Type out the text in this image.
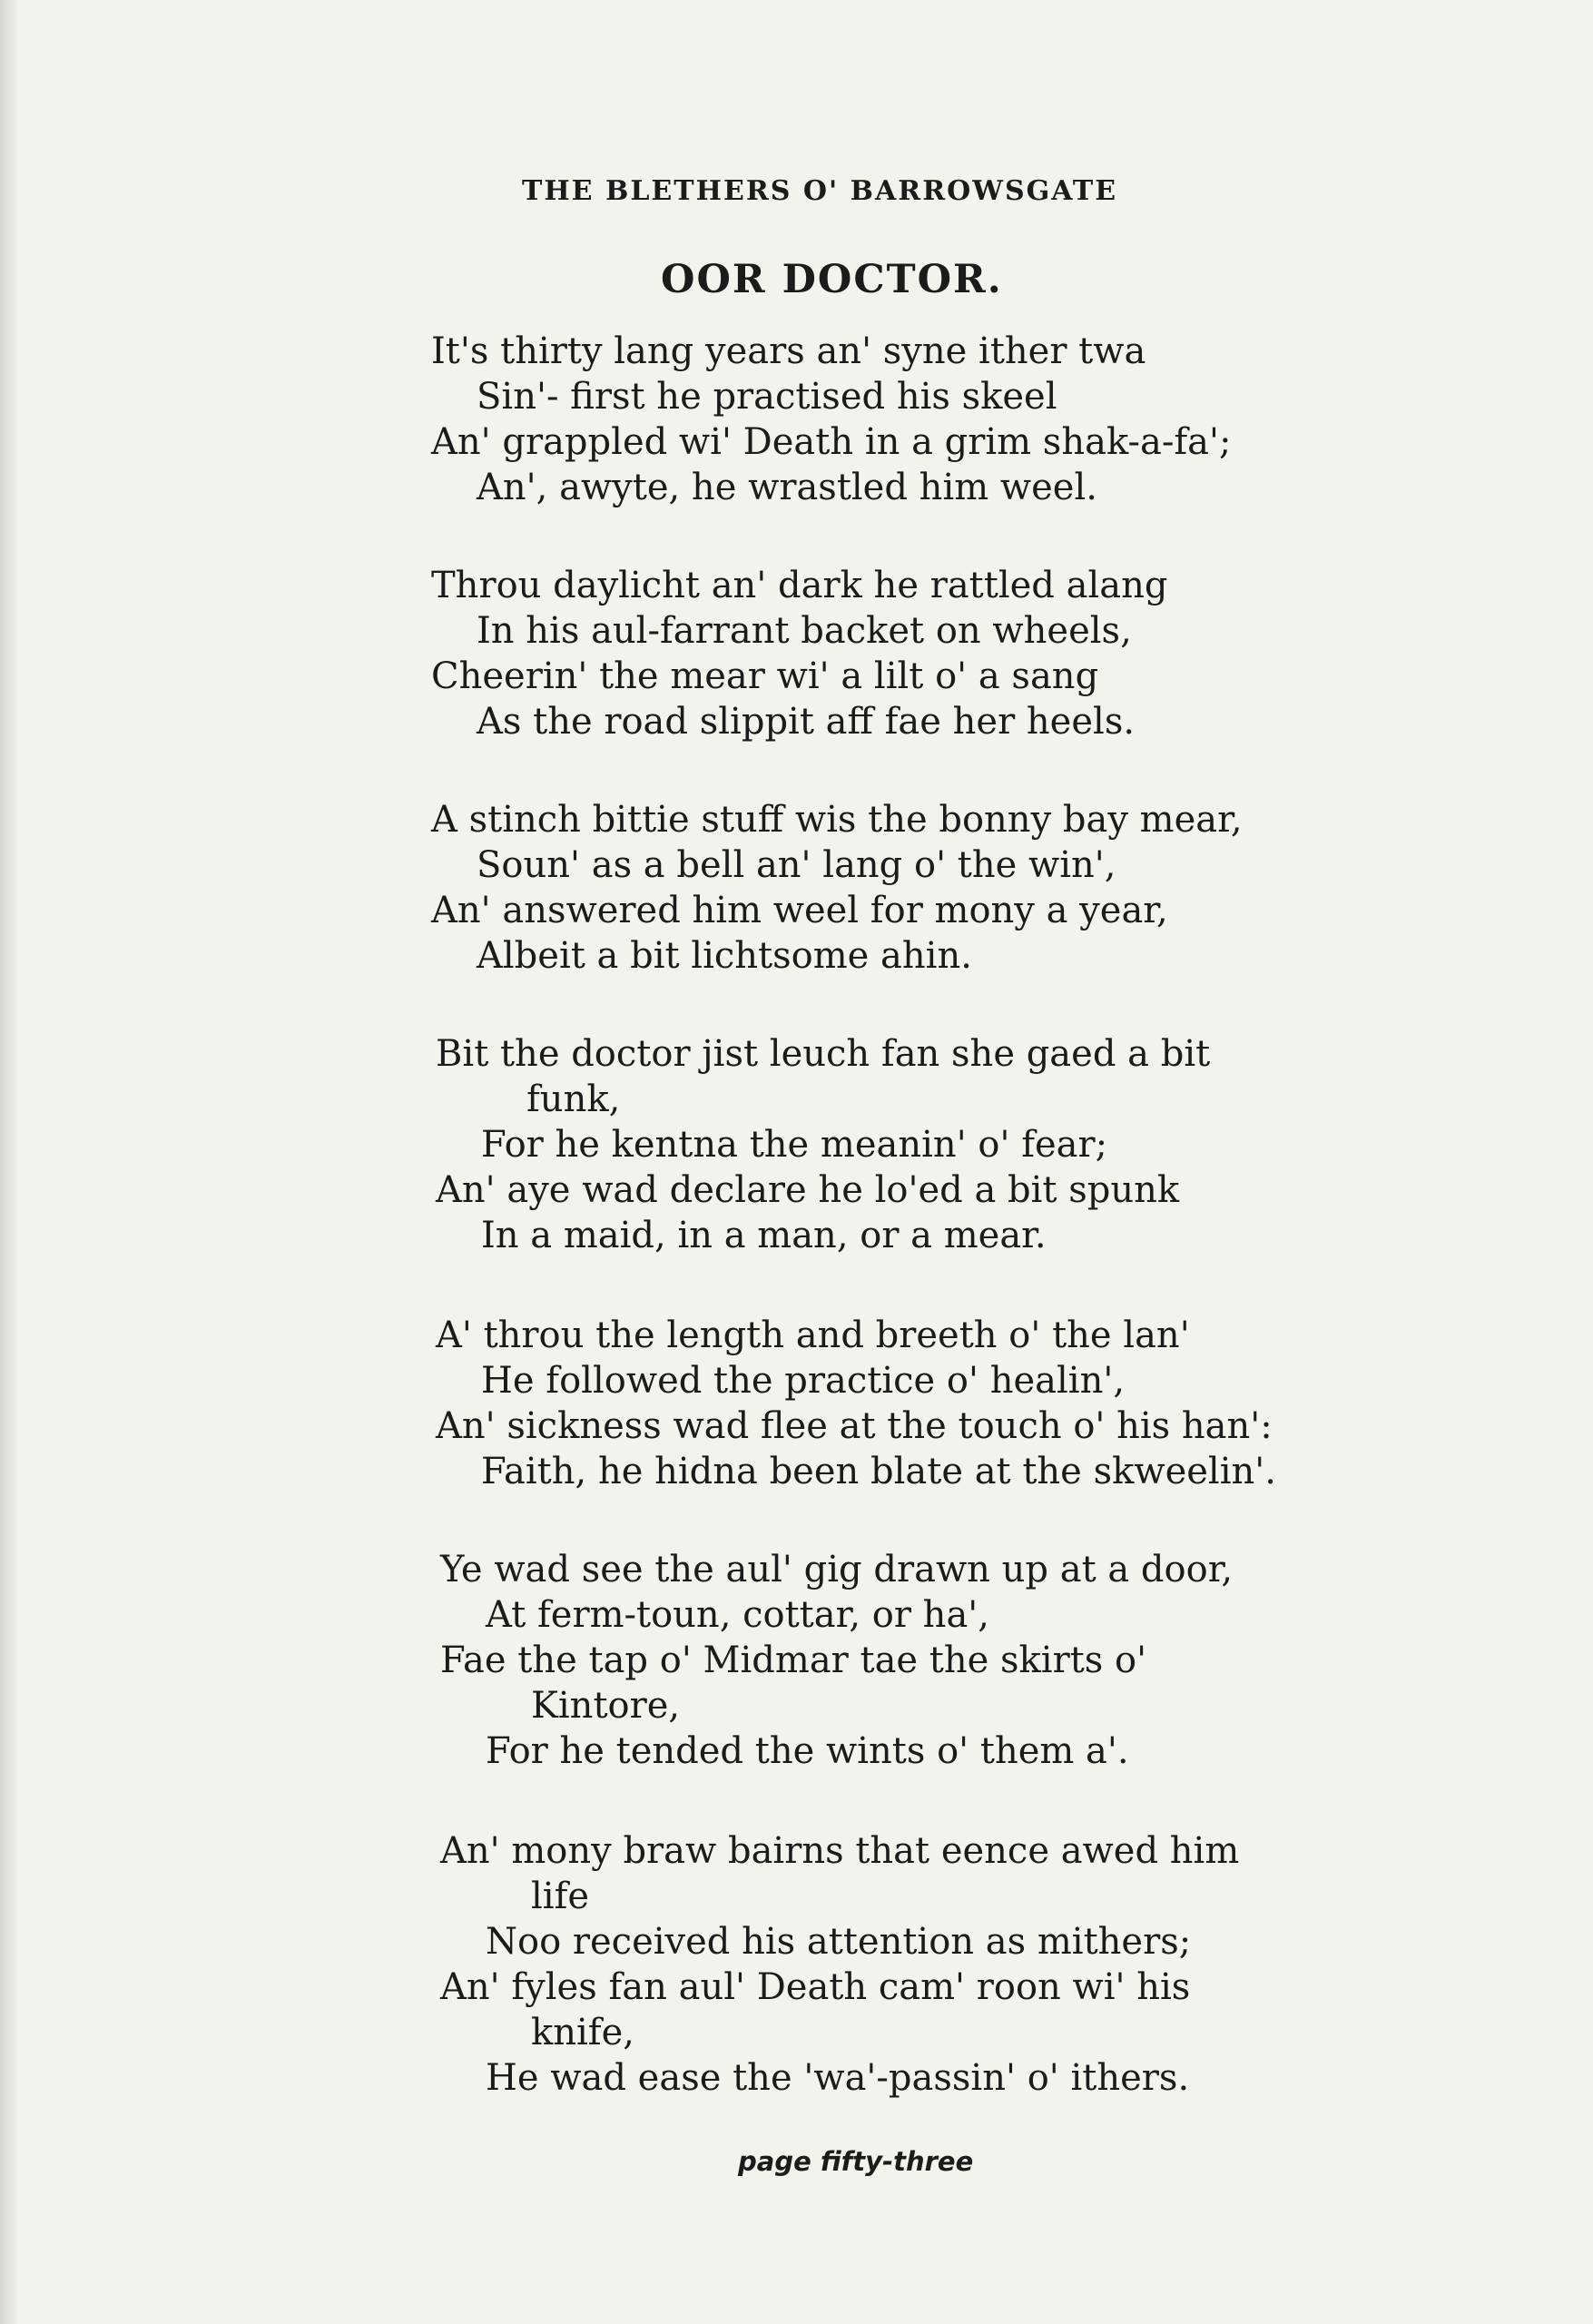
THE BLETHERS O' BARROWSGATE
OOR DOCTOR.
It's thirty lang years an' syne ither twa
Sin'- first he practised his skeel
An' grappled wi' Death in a grim shak-a-fa';
An', awyte, he wrastled him weel.
Throu daylicht an' dark he rattled alang
In his aul-farrant backet on wheels,
Cheerin' the mear wi' a lilt o' a sang
As the road slippit aff fae her heels.
A stinch bittie stuff wis the bonny bay mear,
Soun' as a bell an' lang o' the win',
An' answered him weel for mony a year,
Albeit a bit lichtsome ahin.
Bit the doctor jist leuch fan she gaed a bit
funk,
For he kentna the meanin' o' fear;
An' aye wad declare he lo'ed a bit spunk
In a maid, in a man, or a mear.
A' throu the length and breeth o' the lan'
He followed the practice o' healin',
An' sickness wad flee at the touch o' his han':
Faith, he hidna been blate at the skweelin'.
Ye wad see the aul' gig drawn up at a door,
At ferm-toun, cottar, or ha',
Fae the tap o' Midmar tae the skirts o'
Kintore,
For he tended the wints o' them a'.
An' mony braw bairns that eence awed him
life
Noo received his attention as mithers;
An' fyles fan aul' Death cam' roon wi' his
knife,
He wad ease the 'wa'-passin' o' ithers.
page fifty-three
